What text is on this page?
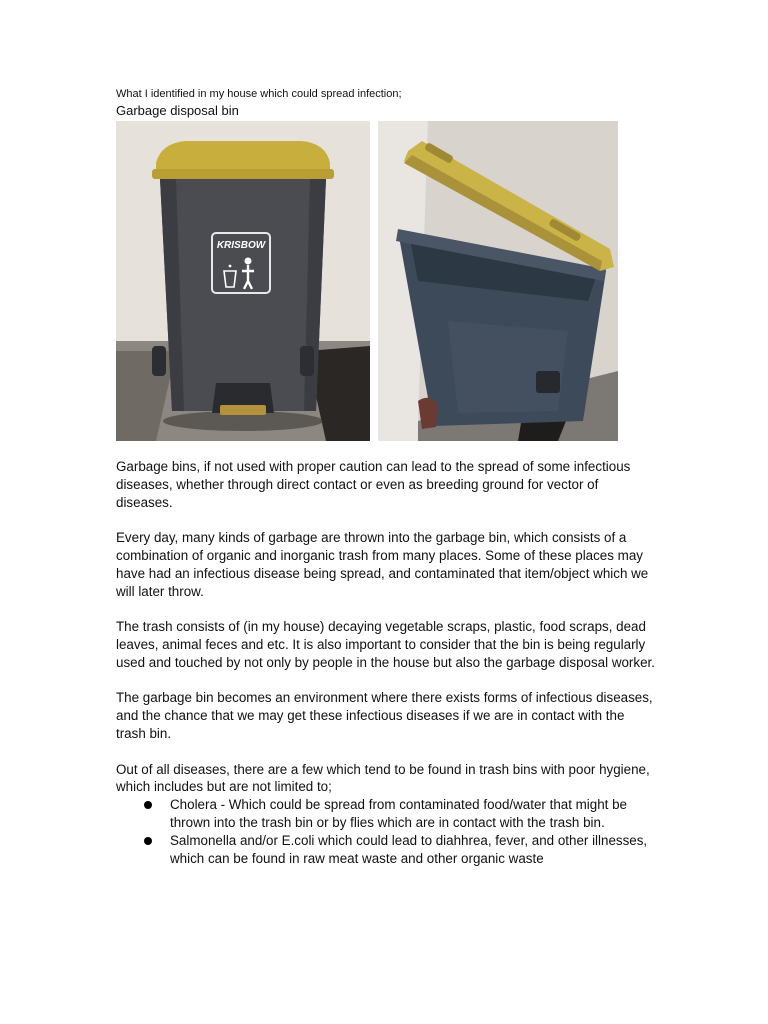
What I identified in my house which could spread infection;

Garbage disposal bin

KRISBOW

Garbage bins, if not used with proper caution can lead to the spread of some infectious diseases, whether through direct contact or even as breeding ground for vector of diseases.

Every day, many kinds of garbage are thrown into the garbage bin, which consists of a combination of organic and inorganic trash from many places. Some of these places may have had an infectious disease being spread, and contaminated that item/object which we will later throw.

The trash consists of (in my house) decaying vegetable scraps, plastic, food scraps, dead leaves, animal feces and etc. It is also important to consider that the bin is being regularly used and touched by not only by people in the house but also the garbage disposal worker.

The garbage bin becomes an environment where there exists forms of infectious diseases, and the chance that we may get these infectious diseases if we are in contact with the trash bin.

Out of all diseases, there are a few which tend to be found in trash bins with poor hygiene, which includes but are not limited to;

Cholera - Which could be spread from contaminated food/water that might be thrown into the trash bin or by flies which are in contact with the trash bin.
Salmonella and/or E.coli which could lead to diahhrea, fever, and other illnesses, which can be found in raw meat waste and other organic waste
